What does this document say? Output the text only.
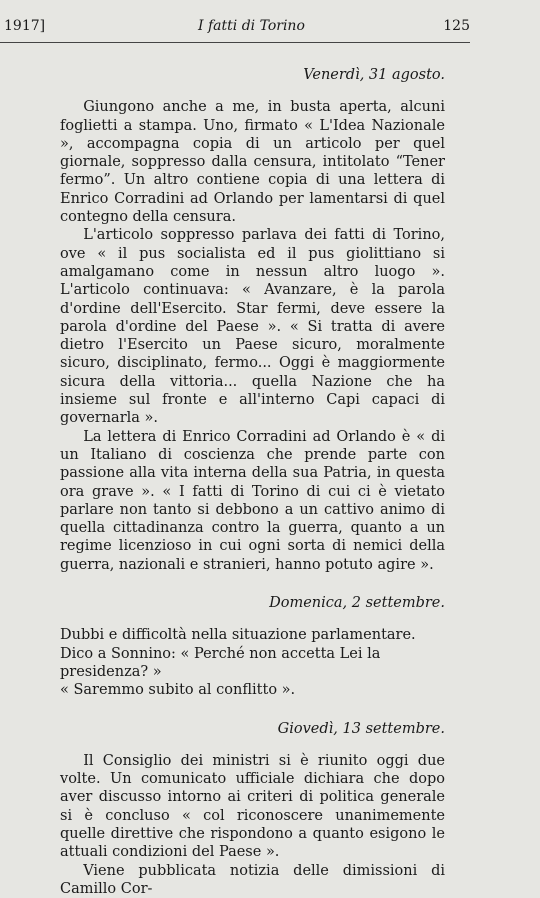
1917]	I fatti di Torino	125
Venerdì, 31 agosto.

Giungono anche a me, in busta aperta, alcuni foglietti a stampa. Uno, firmato « L'Idea Nazionale », accompagna copia di un articolo per quel giornale, soppresso dalla censura, intitolato “Tener fermo”. Un altro contiene copia di una lettera di Enrico Corradini ad Orlando per lamentarsi di quel contegno della censura.

L'articolo soppresso parlava dei fatti di Torino, ove « il pus socialista ed il pus giolittiano si amalgamano come in nessun altro luogo ». L'articolo continuava: « Avanzare, è la parola d'ordine dell'Esercito. Star fermi, deve essere la parola d'ordine del Paese ». « Si tratta di avere dietro l'Esercito un Paese sicuro, moralmente sicuro, disciplinato, fermo... Oggi è maggiormente sicura della vittoria... quella Nazione che ha insieme sul fronte e all'interno Capi capaci di governarla ».

La lettera di Enrico Corradini ad Orlando è « di un Italiano di coscienza che prende parte con passione alla vita interna della sua Patria, in questa ora grave ». « I fatti di Torino di cui ci è vietato parlare non tanto si debbono a un cattivo animo di quella cittadinanza contro la guerra, quanto a un regime licenzioso in cui ogni sorta di nemici della guerra, nazionali e stranieri, hanno potuto agire ».

Domenica, 2 settembre.

Dubbi e difficoltà nella situazione parlamentare.

Dico a Sonnino: « Perché non accetta Lei la presidenza? »

« Saremmo subito al conflitto ».

Giovedì, 13 settembre.

Il Consiglio dei ministri si è riunito oggi due volte. Un comunicato ufficiale dichiara che dopo aver discusso intorno ai criteri di politica generale si è concluso « col riconoscere unanimemente quelle direttive che rispondono a quanto esigono le attuali condizioni del Paese ».

Viene pubblicata notizia delle dimissioni di Camillo Cor-
